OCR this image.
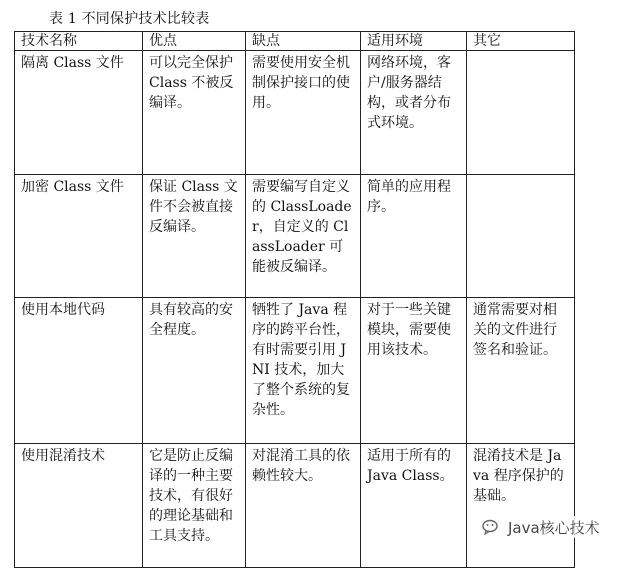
表 1 不同保护技术比较表
技术名称	优点	缺点	适用环境	其它
隔离 Class 文件	可以完全保护 Class 不被反编译。	需要使用安全机制保护接口的使用。	网络环境，客户/服务器结构，或者分布式环境。	
加密 Class 文件	保证 Class 文件不会被直接反编译。	需要编写自定义的 ClassLoader，自定义的 ClassLoader 可能被反编译。	简单的应用程序。	
使用本地代码	具有较高的安全程度。	牺牲了 Java 程序的跨平台性，有时需要引用 JNI 技术，加大了整个系统的复杂性。	对于一些关键模块，需要使用该技术。	通常需要对相关的文件进行签名和验证。
使用混淆技术	它是防止反编译的一种主要技术，有很好的理论基础和工具支持。	对混淆工具的依赖性较大。	适用于所有的 Java Class。	混淆技术是 Java 程序保护的基础。
Java核心技术
